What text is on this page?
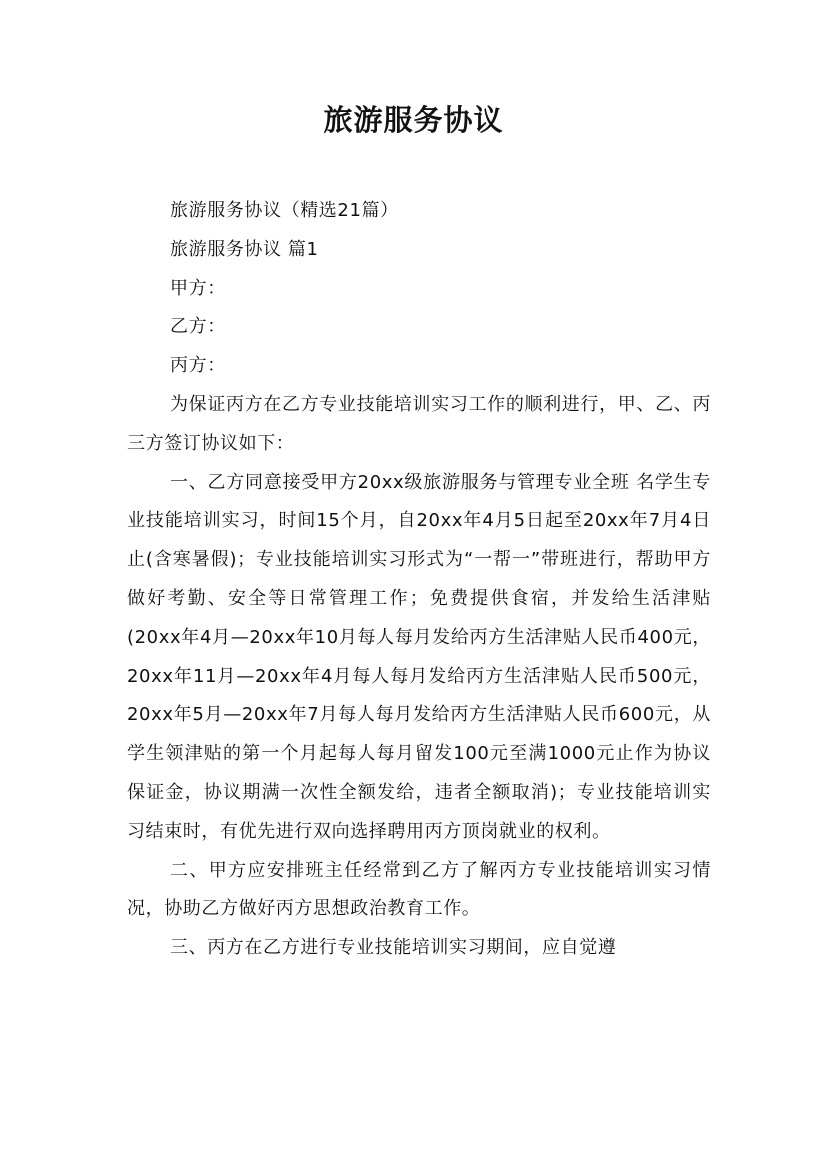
旅游服务协议

旅游服务协议（精选21篇）

旅游服务协议 篇1

甲方：

乙方：

丙方：

为保证丙方在乙方专业技能培训实习工作的顺利进行，甲、乙、丙三方签订协议如下：

一、乙方同意接受甲方20xx级旅游服务与管理专业全班 名学生专业技能培训实习，时间15个月，自20xx年4月5日起至20xx年7月4日止(含寒暑假)；专业技能培训实习形式为“一帮一”带班进行，帮助甲方做好考勤、安全等日常管理工作；免费提供食宿，并发给生活津贴(20xx年4月—20xx年10月每人每月发给丙方生活津贴人民币400元，20xx年11月—20xx年4月每人每月发给丙方生活津贴人民币500元，20xx年5月—20xx年7月每人每月发给丙方生活津贴人民币600元，从学生领津贴的第一个月起每人每月留发100元至满1000元止作为协议保证金，协议期满一次性全额发给，违者全额取消)；专业技能培训实习结束时，有优先进行双向选择聘用丙方顶岗就业的权利。

二、甲方应安排班主任经常到乙方了解丙方专业技能培训实习情况，协助乙方做好丙方思想政治教育工作。

三、丙方在乙方进行专业技能培训实习期间，应自觉遵
